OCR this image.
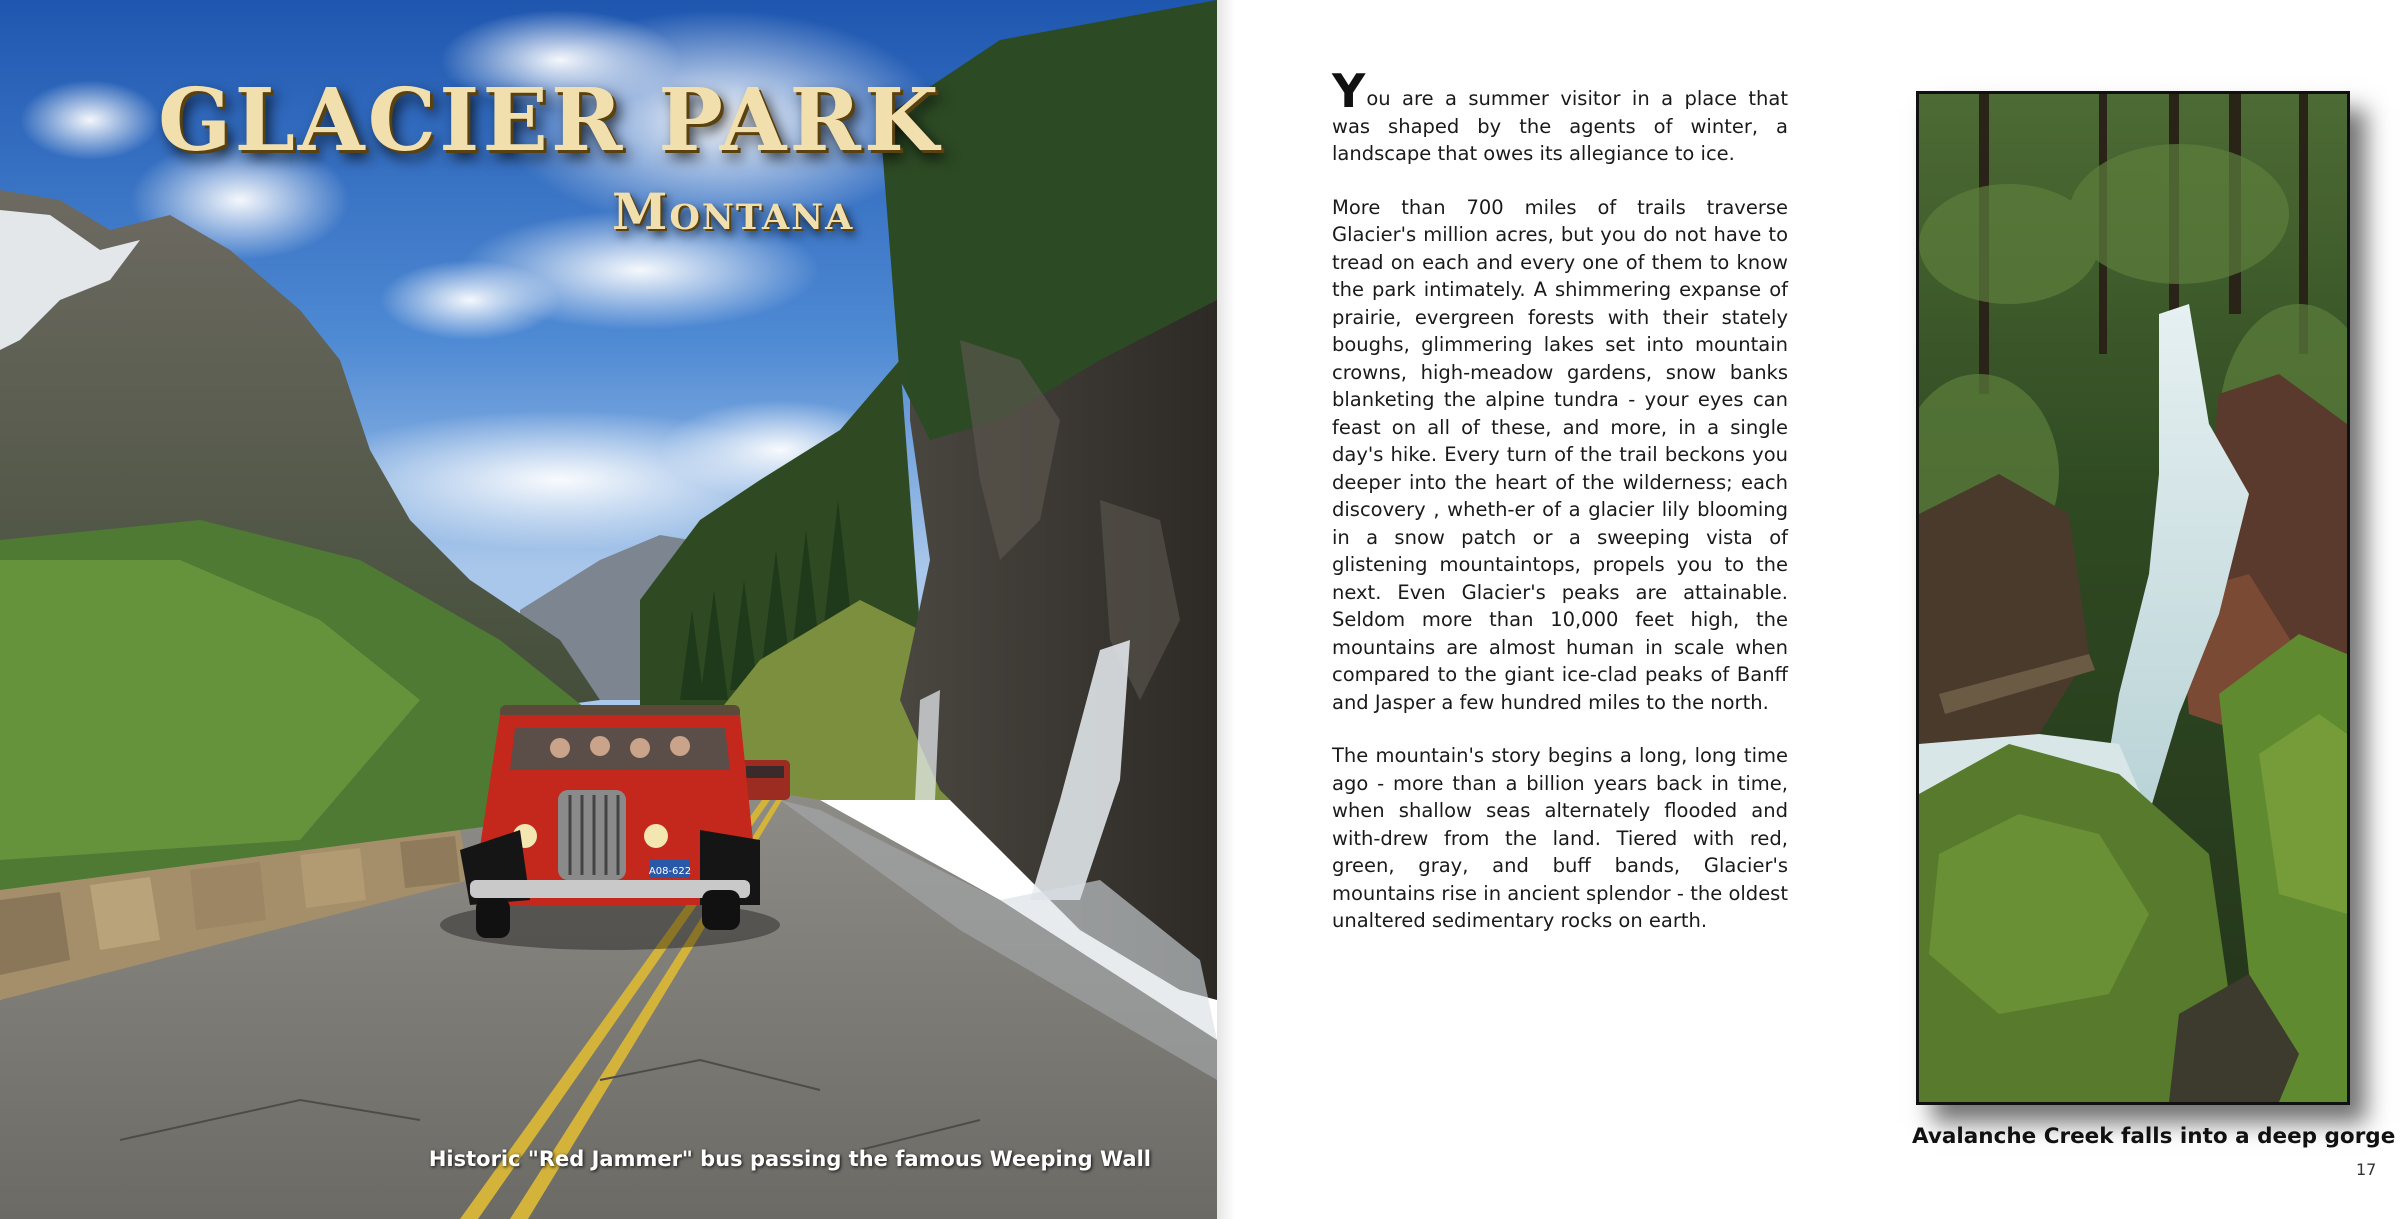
A08-622
GLACIER PARK
Montana

Historic "Red Jammer" bus passing the famous Weeping Wall

You are a summer visitor in a place that was shaped by the agents of winter, a landscape that owes its allegiance to ice.

More than 700 miles of trails traverse Glacier's million acres, but you do not have to tread on each and every one of them to know the park intimately. A shimmering expanse of prairie, evergreen forests with their stately boughs, glimmering lakes set into mountain crowns, high-meadow gardens, snow banks blanketing the alpine tundra - your eyes can feast on all of these, and more, in a single day's hike. Every turn of the trail beckons you deeper into the heart of the wilderness; each discovery , wheth-er of a glacier lily blooming in a snow patch or a sweeping vista of glistening mountaintops, propels you to the next. Even Glacier's peaks are attainable. Seldom more than 10,000 feet high, the mountains are almost human in scale when compared to the giant ice-clad peaks of Banff and Jasper a few hundred miles to the north.

The mountain's story begins a long, long time ago - more than a billion years back in time, when shallow seas alternately flooded and with-drew from the land. Tiered with red, green, gray, and buff bands, Glacier's mountains rise in ancient splendor - the oldest unaltered sedimentary rocks on earth.

Avalanche Creek falls into a deep gorge

17
